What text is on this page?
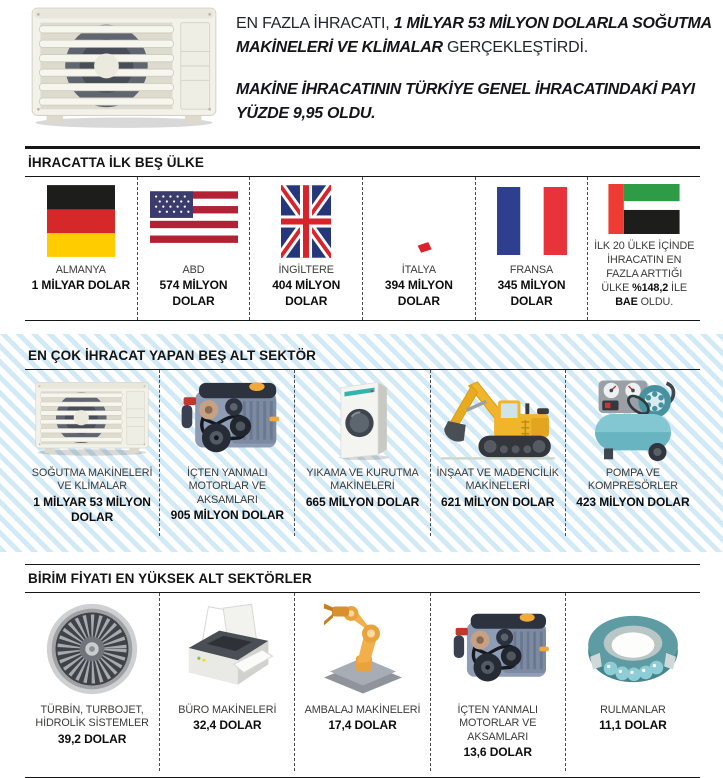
EN FAZLA İHRACATI, 1 MİLYAR 53 MİLYON DOLARLA SOĞUTMA MAKİNELERİ VE KLİMALAR GERÇEKLEŞTİRDİ.

MAKİNE İHRACATININ TÜRKİYE GENEL İHRACATINDAKİ PAYI YÜZDE 9,95 OLDU.

İHRACATTA İLK BEŞ ÜLKE
ALMANYA
1 MİLYAR DOLAR
ABD
574 MİLYON DOLAR
İNGİLTERE
404 MİLYON DOLAR
İTALYA
394 MİLYON DOLAR
FRANSA
345 MİLYON DOLAR
İLK 20 ÜLKE İÇİNDE İHRACATIN EN FAZLA ARTTIĞI ÜLKE %148,2 İLE BAE OLDU.
EN ÇOK İHRACAT YAPAN BEŞ ALT SEKTÖR
SOĞUTMA MAKİNELERİ VE KLİMALAR
1 MİLYAR 53 MİLYON DOLAR
İÇTEN YANMALI MOTORLAR VE AKSAMLARI
905 MİLYON DOLAR
YIKAMA VE KURUTMA MAKİNELERİ
665 MİLYON DOLAR
İNŞAAT VE MADENCİLİK MAKİNELERİ
621 MİLYON DOLAR
POMPA VE KOMPRESÖRLER
423 MİLYON DOLAR
BİRİM FİYATI EN YÜKSEK ALT SEKTÖRLER
TÜRBİN, TURBOJET, HİDROLİK SİSTEMLER
39,2 DOLAR
BÜRO MAKİNELERİ
32,4 DOLAR
AMBALAJ MAKİNELERİ
17,4 DOLAR
İÇTEN YANMALI MOTORLAR VE AKSAMLARI
13,6 DOLAR
RULMANLAR
11,1 DOLAR
